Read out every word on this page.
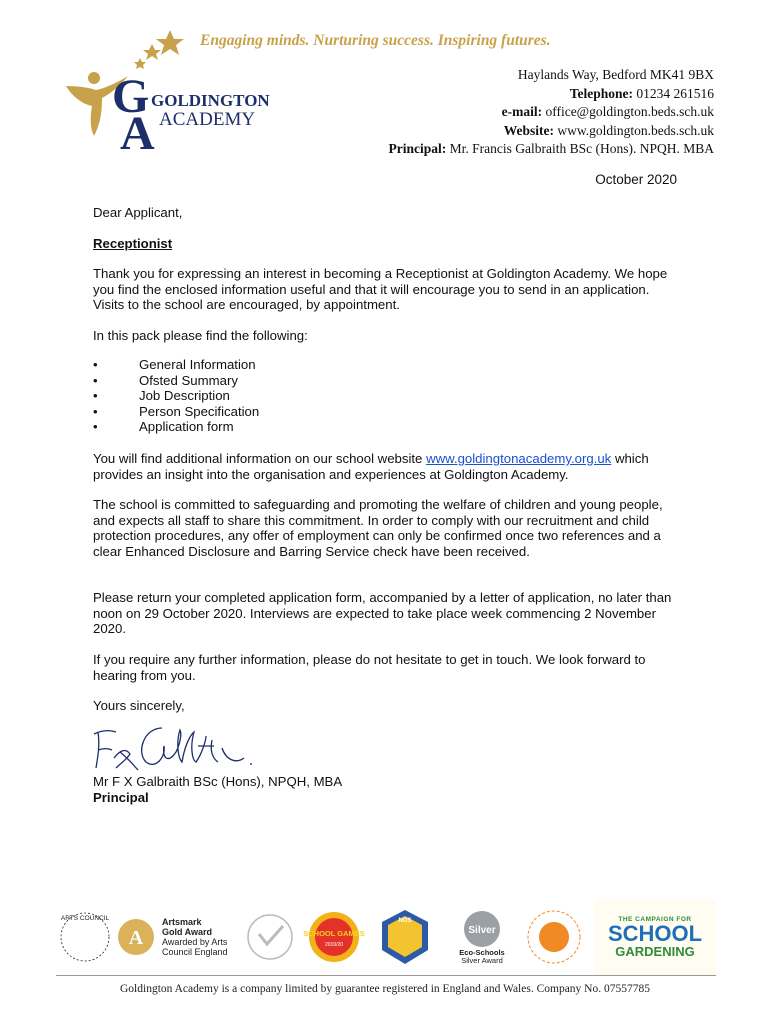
Engaging minds. Nurturing success. Inspiring futures.
G
A
GOLDINGTON
ACADEMY
Haylands Way, Bedford MK41 9BX
Telephone: 01234 261516
e-mail: office@goldington.beds.sch.uk
Website: www.goldington.beds.sch.uk
Principal: Mr. Francis Galbraith BSc (Hons). NPQH. MBA
October 2020
Dear Applicant,
Receptionist
Thank you for expressing an interest in becoming a Receptionist at Goldington Academy. We hope you find the enclosed information useful and that it will encourage you to send in an application. Visits to the school are encouraged, by appointment.
In this pack please find the following:
•	General Information
•	Ofsted Summary
•	Job Description
•	Person Specification
•	Application form
You will find additional information on our school website www.goldingtonacademy.org.uk which provides an insight into the organisation and experiences at Goldington Academy.
The school is committed to safeguarding and promoting the welfare of children and young people, and expects all staff to share this commitment. In order to comply with our recruitment and child protection procedures, any offer of employment can only be confirmed once two references and a clear Enhanced Disclosure and Barring Service check have been received.
Please return your completed application form, accompanied by a letter of application, no later than noon on 29 October 2020. Interviews are expected to take place week commencing 2 November 2020.
If you require any further information, please do not hesitate to get in touch. We look forward to hearing from you.
Yours sincerely,
Mr F X Galbraith BSc (Hons), NPQH, MBA
Principal
ARTS COUNCIL
A
Artsmark
Gold Award
Awarded by Arts
Council England
SCHOOL GAMES
2019/20
NOS
Silver
Eco-Schools
Silver Award
THE CAMPAIGN FOR
SCHOOL
GARDENING
Goldington Academy is a company limited by guarantee registered in England and Wales. Company No. 07557785
